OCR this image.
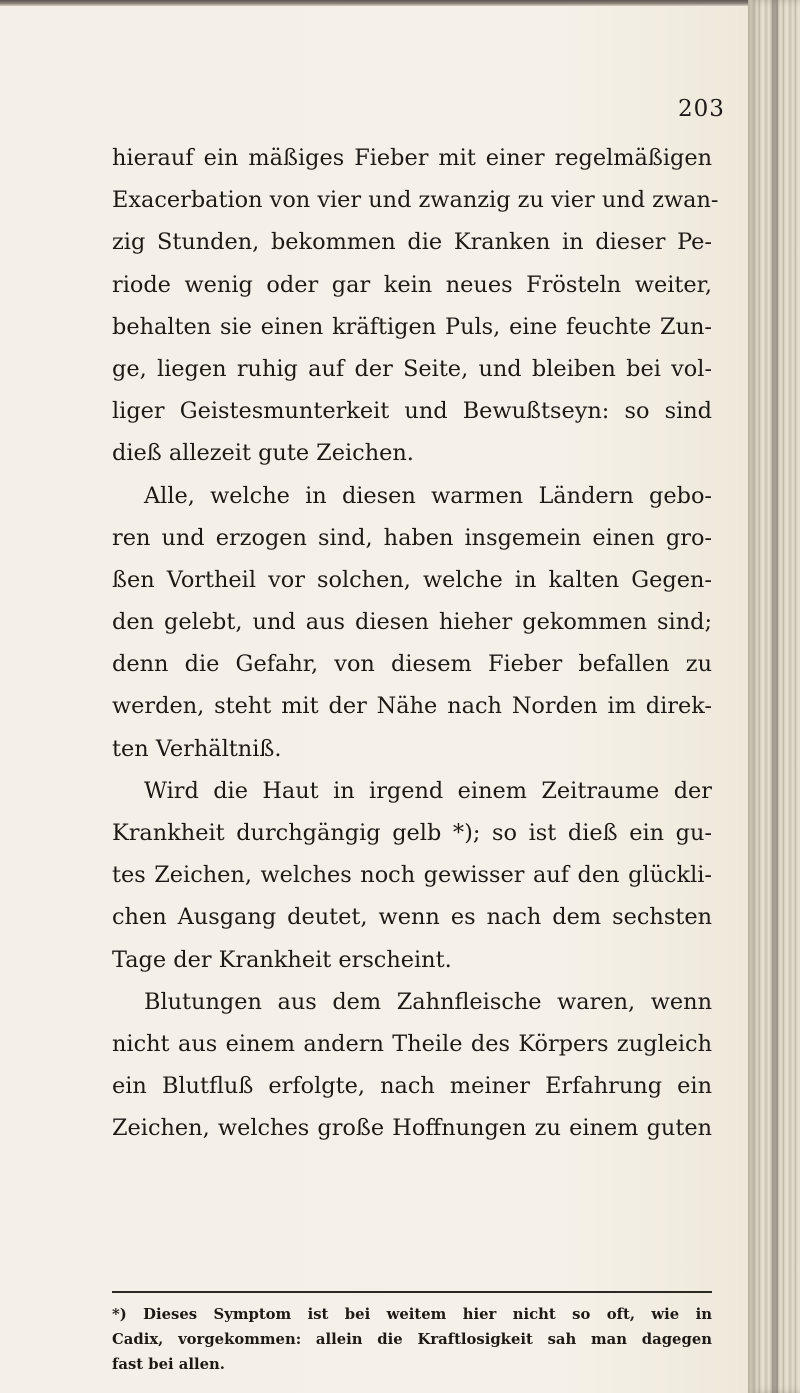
203
hierauf ein mäßiges Fieber mit einer regelmäßigen
Exacerbation von vier und zwanzig zu vier und zwan-
zig Stunden, bekommen die Kranken in dieser Pe-
riode wenig oder gar kein neues Frösteln weiter,
behalten sie einen kräftigen Puls, eine feuchte Zun-
ge, liegen ruhig auf der Seite, und bleiben bei vol-
liger Geistesmunterkeit und Bewußtseyn: so sind
dieß allezeit gute Zeichen.
Alle, welche in diesen warmen Ländern gebo-
ren und erzogen sind, haben insgemein einen gro-
ßen Vortheil vor solchen, welche in kalten Gegen-
den gelebt, und aus diesen hieher gekommen sind;
denn die Gefahr, von diesem Fieber befallen zu
werden, steht mit der Nähe nach Norden im direk-
ten Verhältniß.
Wird die Haut in irgend einem Zeitraume der
Krankheit durchgängig gelb *); so ist dieß ein gu-
tes Zeichen, welches noch gewisser auf den glückli-
chen Ausgang deutet, wenn es nach dem sechsten
Tage der Krankheit erscheint.
Blutungen aus dem Zahnfleische waren, wenn
nicht aus einem andern Theile des Körpers zugleich
ein Blutfluß erfolgte, nach meiner Erfahrung ein
Zeichen, welches große Hoffnungen zu einem guten
*) Dieses Symptom ist bei weitem hier nicht so oft, wie in
Cadix, vorgekommen: allein die Kraftlosigkeit sah man dagegen
fast bei allen.
